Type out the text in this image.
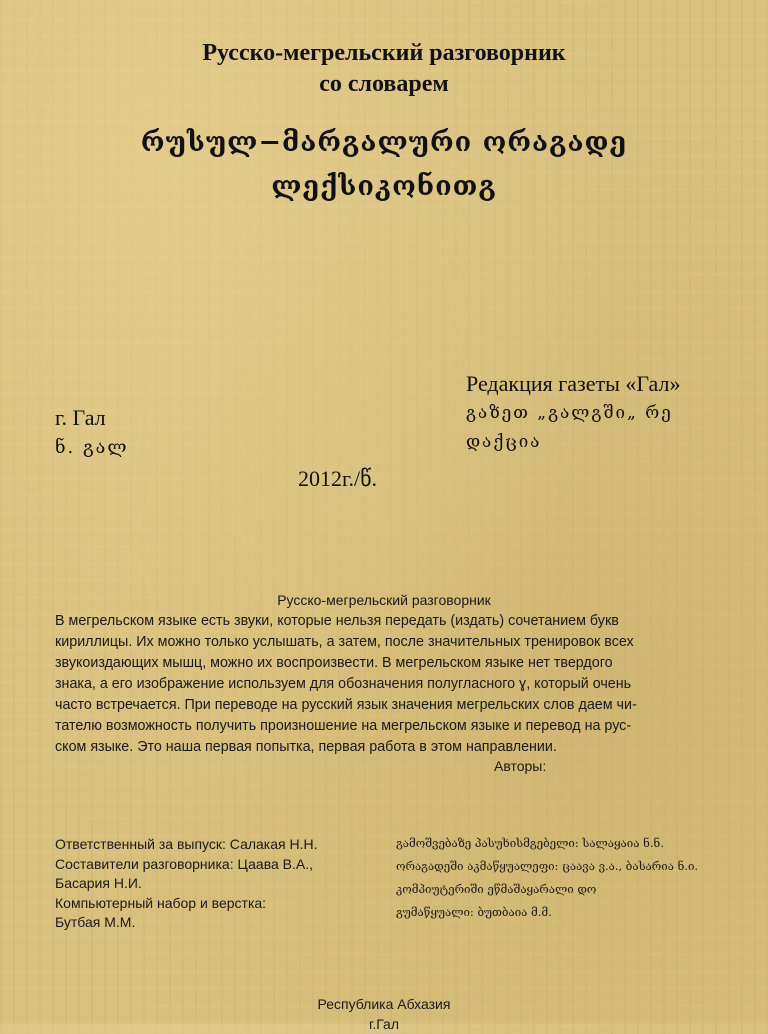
Русско-мегрельский разговорник
со словарем
რუსულ−მარგალური ორაგადე
ლექსიკონითგ
Редакция газеты «Гал»
გაზეთ „გალგში„ რე
დაქცია
г. Гал
ნ. გალ
2012г./წ.
Русско-мегрельский разговорник
В мегрельском языке есть звуки, которые нельзя передать (издать) сочетанием букв
кириллицы. Их можно только услышать, а затем, после значительных тренировок всех
звукоиздающих мышц, можно их воспроизвести. В мегрельском языке нет твердого
знака, а его изображение используем для обозначения полугласного ɣ, который очень
часто встречается. При переводе на русский язык значения мегрельских слов даем чи-
тателю возможность получить произношение на мегрельском языке и перевод на рус-
ском языке. Это наша первая попытка, первая работа в этом направлении.
Авторы:
Ответственный за выпуск: Салакая Н.Н.
Составители разговорника: Цаава В.А.,
Басария Н.И.
Компьютерный набор и верстка:
Бутбая М.М.
გამოშვებაზე პასუხისმგებელი: სალაყაია ნ.ნ.
ორაგადეში აკმაწყუალეფი: ცაავა ვ.ა., ბასარია ნ.ი.
კომპიუტერიში ეწმაშაყარალი დო
გუმაწყუალი: ბუთბაია მ.მ.
Республика Абхазия
г.Гал
